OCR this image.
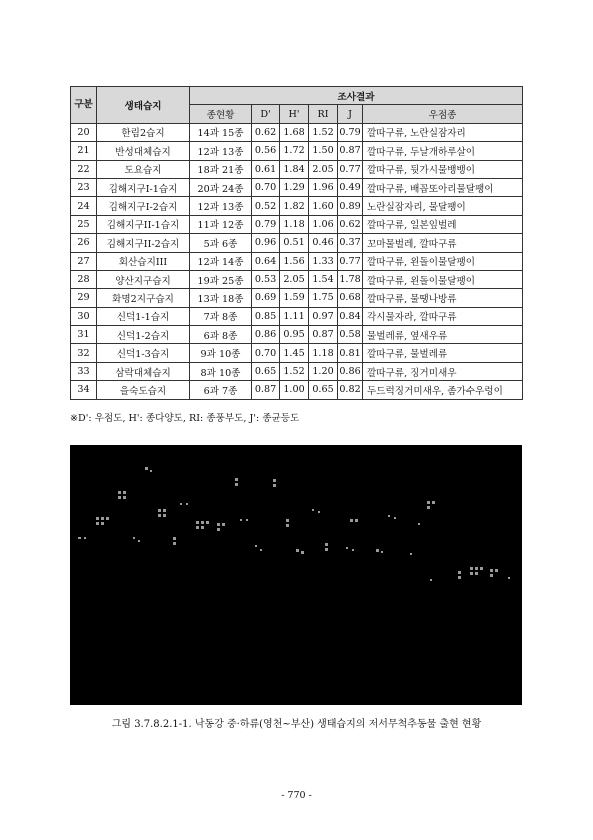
구분	생태습지	조사결과					
		종현황	D'	H'	RI	J	우점종
20	한림2습지	14과 15종	0.62	1.68	1.52	0.79	깔따구류, 노란실잠자리
21	반성대체습지	12과 13종	0.56	1.72	1.50	0.87	깔따구류, 두날개하루살이
22	도요습지	18과 21종	0.61	1.84	2.05	0.77	깔따구류, 뒷가시물뱅뱅이
23	김해지구I-1습지	20과 24종	0.70	1.29	1.96	0.49	깔따구류, 배꼽또아리물달팽이
24	김해지구I-2습지	12과 13종	0.52	1.82	1.60	0.89	노란실잠자리, 물달팽이
25	김해지구II-1습지	11과 12종	0.79	1.18	1.06	0.62	깔따구류, 일본잎벌레
26	김해지구II-2습지	5과 6종	0.96	0.51	0.46	0.37	꼬마물벌레, 깔따구류
27	회산습지III	12과 14종	0.64	1.56	1.33	0.77	깔따구류, 왼돌이물달팽이
28	양산지구습지	19과 25종	0.53	2.05	1.54	1.78	깔따구류, 왼돌이물달팽이
29	화명2지구습지	13과 18종	0.69	1.59	1.75	0.68	깔따구류, 물땡나방류
30	신덕1-1습지	7과 8종	0.85	1.11	0.97	0.84	각시물자라, 깔따구류
31	신덕1-2습지	6과 8종	0.86	0.95	0.87	0.58	물벌레류, 옆새우류
32	신덕1-3습지	9과 10종	0.70	1.45	1.18	0.81	깔따구류, 물벌레류
33	삼락대체습지	8과 10종	0.65	1.52	1.20	0.86	깔따구류, 징거미새우
34	을숙도습지	6과 7종	0.87	1.00	0.65	0.82	두드럭징거미새우, 좀가수우렁이
※D': 우점도, H': 종다양도, RI: 종풍부도, J': 종균등도
그림 3.7.8.2.1-1. 낙동강 중·하류(영천~부산) 생태습지의 저서무척추동물 출현 현황
- 770 -
